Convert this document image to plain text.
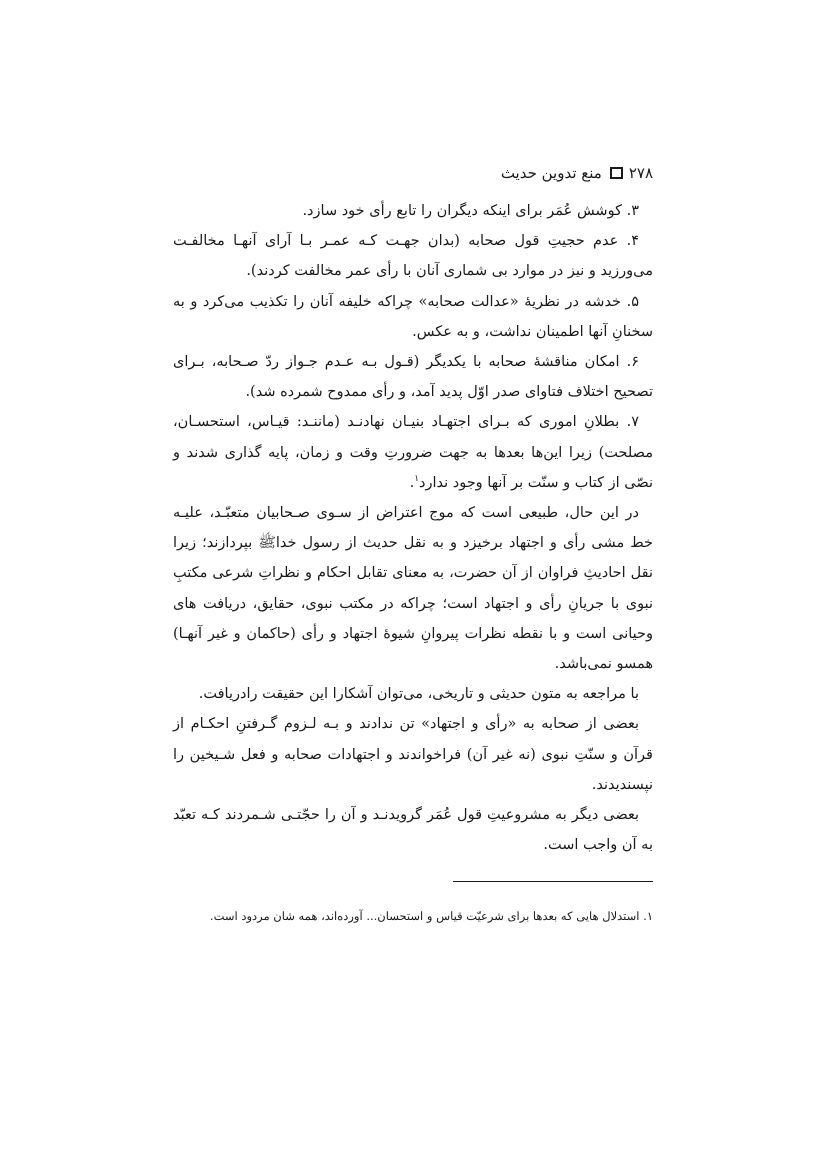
۲۷۸
منع تدوین حدیث

۳. کوشش عُمَر برای اینکه دیگران را تابع رأی خود سازد.

۴. عدم حجیتِ قول صحابه (بدان جهـت کـه عمـر بـا آرای آنهـا مخالفـت می‌ورزید و نیز در موارد بی شماری آنان با رأی عمر مخالفت کردند).

۵. خدشه در نظریۀ «عدالت صحابه» چراکه خلیفه آنان را تکذیب می‌کرد و به سخنانِ آنها اطمینان نداشت، و به عکس.

۶. امکان مناقشۀ صحابه با یکدیگر (قـول بـه عـدم جـواز ردّ صـحابه، بـرای تصحیح اختلاف فتاوای صدر اوّل پدید آمد، و رأی ممدوح شمرده شد).

۷. بطلانِ اموری که بـرای اجتهـاد بنیـان نهادنـد (ماننـد: قیـاس، استحسـان، مصلحت) زیرا این‌ها بعدها به جهت ضرورتِ وقت و زمان، پایه گذاری شدند و نصّی از کتاب و سنّت بر آنها وجود ندارد$^۱$.

در این حال، طبیعی است که موج اعتراض از سـوی صـحابیان متعبّـد، علیـه خط مشی رأی و اجتهاد برخیزد و به نقل حدیث از رسول خداﷺ بپردازند؛ زیرا نقل احادیثِ فراوان از آن حضرت، به معنای تقابل احکام و نظراتِ شرعی مکتبِ نبوی با جریانِ رأی و اجتهاد است؛ چراکه در مکتب نبوی، حقایق، دریافت های وحیانی است و با نقطه نظرات پیروانِ شیوۀ اجتهاد و رأی (حاکمان و غیر آنهـا) همسو نمی‌باشد.

با مراجعه به متون حدیثی و تاریخی، می‌توان آشکارا این حقیقت رادریافت.

بعضی از صحابه به «رأی و اجتهاد» تن ندادند و بـه لـزوم گـرفتنِ احکـام از قرآن و سنّتِ نبوی (نه غیر آن) فراخواندند و اجتهادات صحابه و فعل شـیخین را نپسندیدند.

بعضی دیگر به مشروعیتِ قول عُمَر گرویدنـد و آن را حجّتـی شـمردند کـه تعبّد به آن واجب است.

۱. استدلال هایی که بعدها برای شرعیّت قیاس و استحسان... آورده‌اند، همه شان مردود است.
